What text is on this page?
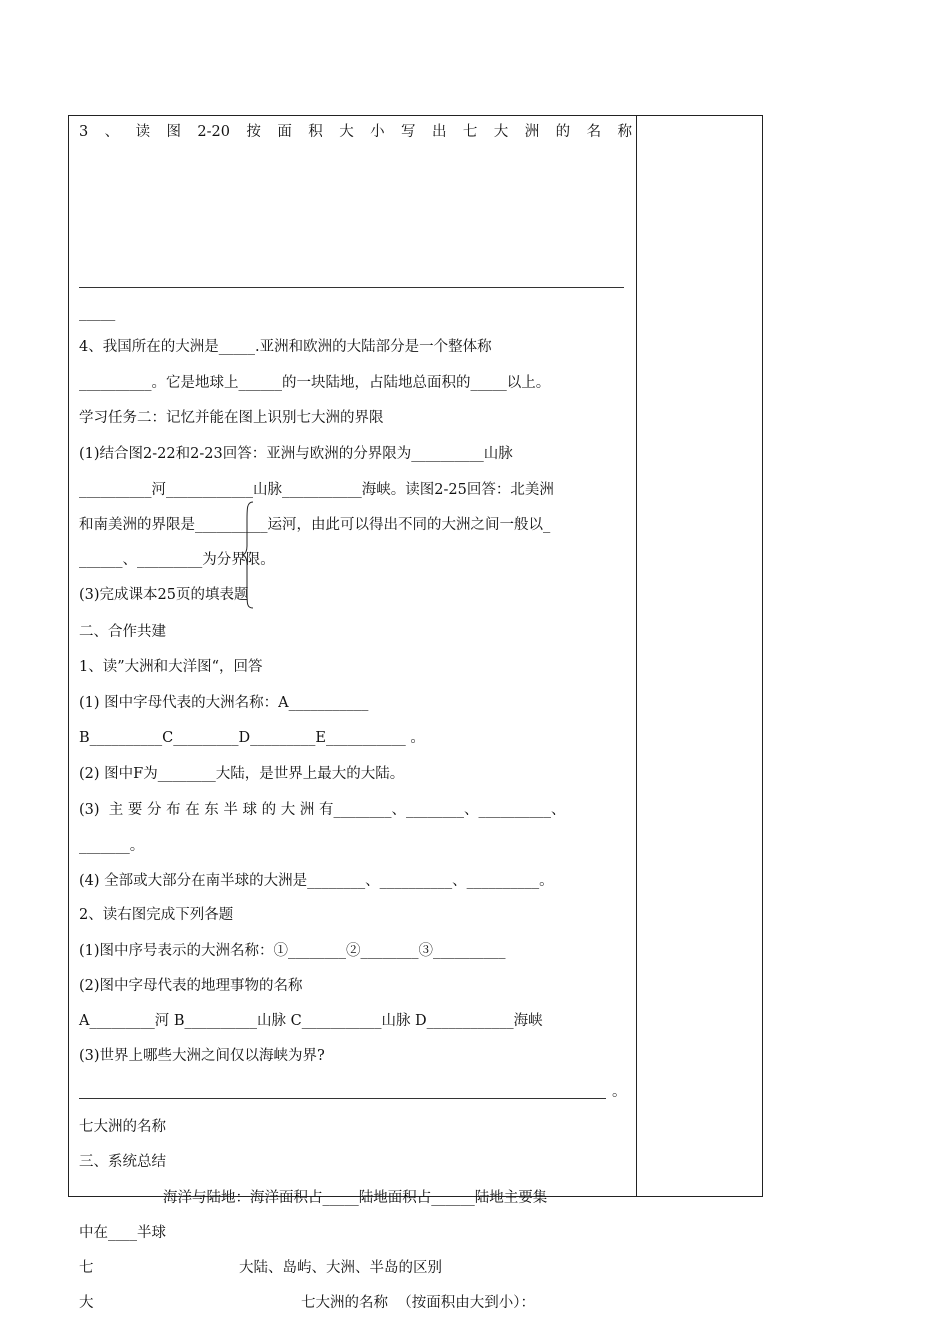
3 、 读 图 2-20 按 面 积 大 小 写 出 七 大 洲 的 名 称
_____
4、我国所在的大洲是_____.亚洲和欧洲的大陆部分是一个整体称
__________。它是地球上______的一块陆地，占陆地总面积的_____以上。
学习任务二：记忆并能在图上识别七大洲的界限
(1)结合图2-22和2-23回答：亚洲与欧洲的分界限为__________山脉
__________河____________山脉___________海峡。读图2-25回答：北美洲
和南美洲的界限是__________运河，由此可以得出不同的大洲之间一般以_
______、_________为分界限。
(3)完成课本25页的填表题
二、合作共建
1、读”大洲和大洋图“，回答
(1) 图中字母代表的大洲名称：A___________
B__________C_________D_________E___________ 。
(2) 图中F为________大陆，是世界上最大的大陆。
(3)  主 要 分 布 在 东 半 球 的 大 洲 有________、________、__________、
_______。
(4) 全部或大部分在南半球的大洲是________、__________、__________。
2、读右图完成下列各题
(1)图中序号表示的大洲名称：①________②________③__________
(2)图中字母代表的地理事物的名称
A_________河 B__________山脉 C___________山脉 D____________海峡
(3)世界上哪些大洲之间仅以海峡为界?
。
七大洲的名称
三、系统总结
海洋与陆地：海洋面积占_____陆地面积占______陆地主要集
中在____半球
七	大陆、岛屿、大洲、半岛的区别
大	七大洲的名称  （按面积由大到小）：
